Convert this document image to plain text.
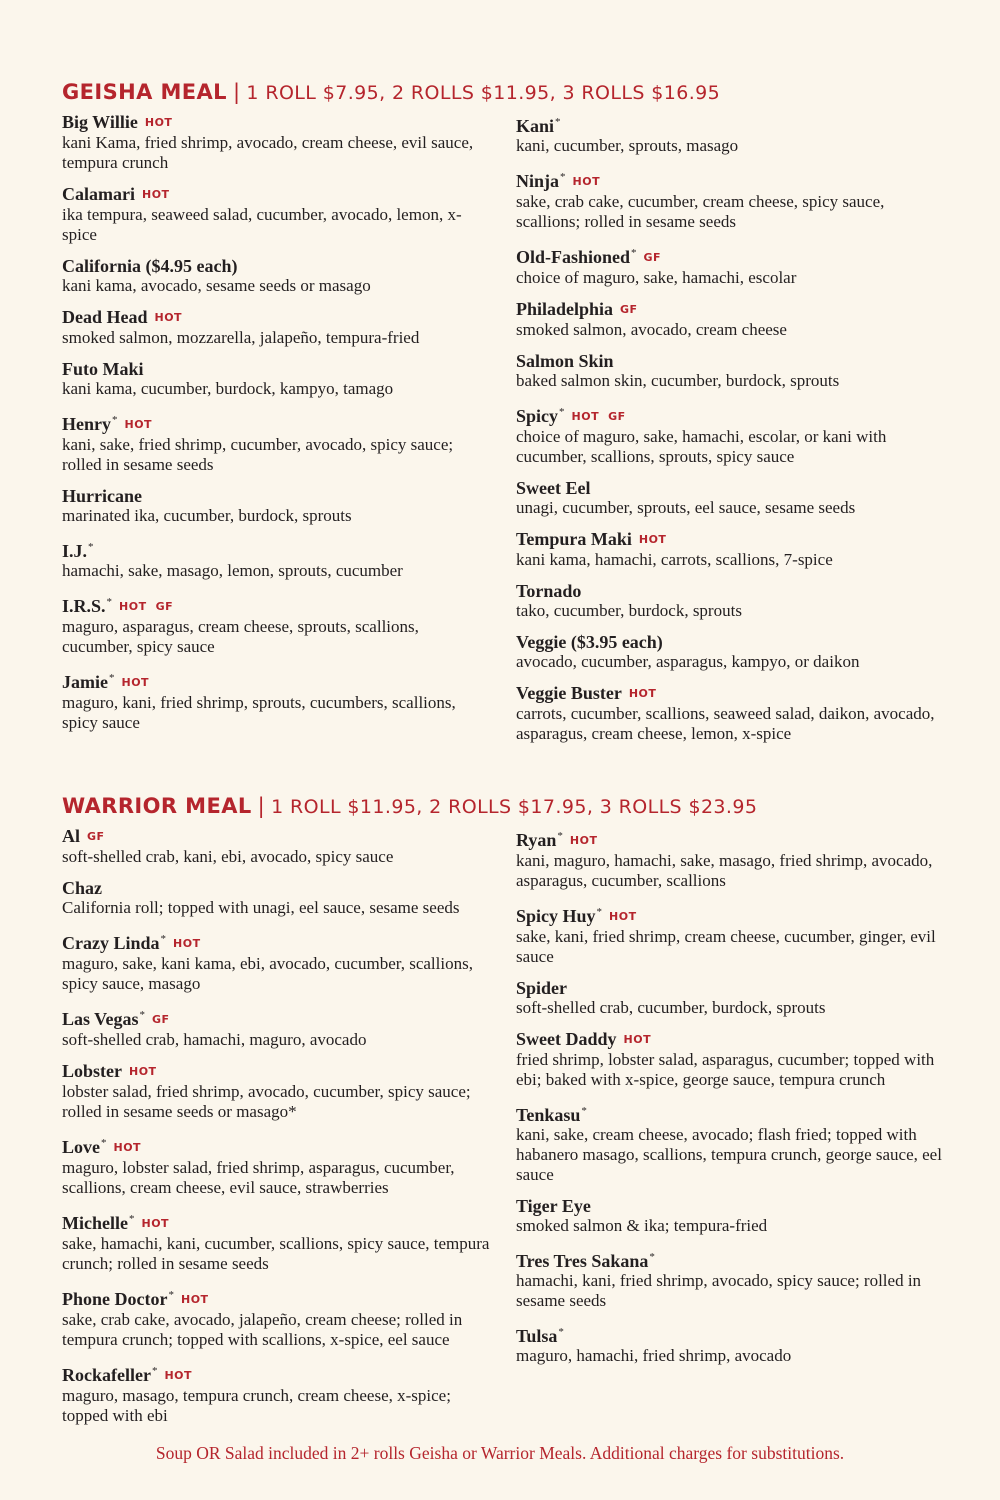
GEISHA MEAL | 1 ROLL $7.95, 2 ROLLS $11.95, 3 ROLLS $16.95
Big Willie HOT
kani Kama, fried shrimp, avocado, cream cheese, evil sauce, tempura crunch
Calamari HOT
ika tempura, seaweed salad, cucumber, avocado, lemon, x-spice
California ($4.95 each)
kani kama, avocado, sesame seeds or masago
Dead Head HOT
smoked salmon, mozzarella, jalapeño, tempura-fried
Futo Maki
kani kama, cucumber, burdock, kampyo, tamago
Henry* HOT
kani, sake, fried shrimp, cucumber, avocado, spicy sauce; rolled in sesame seeds
Hurricane
marinated ika, cucumber, burdock, sprouts
I.J.*
hamachi, sake, masago, lemon, sprouts, cucumber
I.R.S.* HOT GF
maguro, asparagus, cream cheese, sprouts, scallions, cucumber, spicy sauce
Jamie* HOT
maguro, kani, fried shrimp, sprouts, cucumbers, scallions, spicy sauce
Kani*
kani, cucumber, sprouts, masago
Ninja* HOT
sake, crab cake, cucumber, cream cheese, spicy sauce, scallions; rolled in sesame seeds
Old-Fashioned* GF
choice of maguro, sake, hamachi, escolar
Philadelphia GF
smoked salmon, avocado, cream cheese
Salmon Skin
baked salmon skin, cucumber, burdock, sprouts
Spicy* HOT GF
choice of maguro, sake, hamachi, escolar, or kani with cucumber, scallions, sprouts, spicy sauce
Sweet Eel
unagi, cucumber, sprouts, eel sauce, sesame seeds
Tempura Maki HOT
kani kama, hamachi, carrots, scallions, 7-spice
Tornado
tako, cucumber, burdock, sprouts
Veggie ($3.95 each)
avocado, cucumber, asparagus, kampyo, or daikon
Veggie Buster HOT
carrots, cucumber, scallions, seaweed salad, daikon, avocado, asparagus, cream cheese, lemon, x-spice
WARRIOR MEAL | 1 ROLL $11.95, 2 ROLLS $17.95, 3 ROLLS $23.95
Al GF
soft-shelled crab, kani, ebi, avocado, spicy sauce
Chaz
California roll; topped with unagi, eel sauce, sesame seeds
Crazy Linda* HOT
maguro, sake, kani kama, ebi, avocado, cucumber, scallions, spicy sauce, masago
Las Vegas* GF
soft-shelled crab, hamachi, maguro, avocado
Lobster HOT
lobster salad, fried shrimp, avocado, cucumber, spicy sauce; rolled in sesame seeds or masago*
Love* HOT
maguro, lobster salad, fried shrimp, asparagus, cucumber, scallions, cream cheese, evil sauce, strawberries
Michelle* HOT
sake, hamachi, kani, cucumber, scallions, spicy sauce, tempura crunch; rolled in sesame seeds
Phone Doctor* HOT
sake, crab cake, avocado, jalapeño, cream cheese; rolled in tempura crunch; topped with scallions, x-spice, eel sauce
Rockafeller* HOT
maguro, masago, tempura crunch, cream cheese, x-spice; topped with ebi
Ryan* HOT
kani, maguro, hamachi, sake, masago, fried shrimp, avocado, asparagus, cucumber, scallions
Spicy Huy* HOT
sake, kani, fried shrimp, cream cheese, cucumber, ginger, evil sauce
Spider
soft-shelled crab, cucumber, burdock, sprouts
Sweet Daddy HOT
fried shrimp, lobster salad, asparagus, cucumber; topped with ebi; baked with x-spice, george sauce, tempura crunch
Tenkasu*
kani, sake, cream cheese, avocado; flash fried; topped with habanero masago, scallions, tempura crunch, george sauce, eel sauce
Tiger Eye
smoked salmon & ika; tempura-fried
Tres Tres Sakana*
hamachi, kani, fried shrimp, avocado, spicy sauce; rolled in sesame seeds
Tulsa*
maguro, hamachi, fried shrimp, avocado
Soup OR Salad included in 2+ rolls Geisha or Warrior Meals. Additional charges for substitutions.
